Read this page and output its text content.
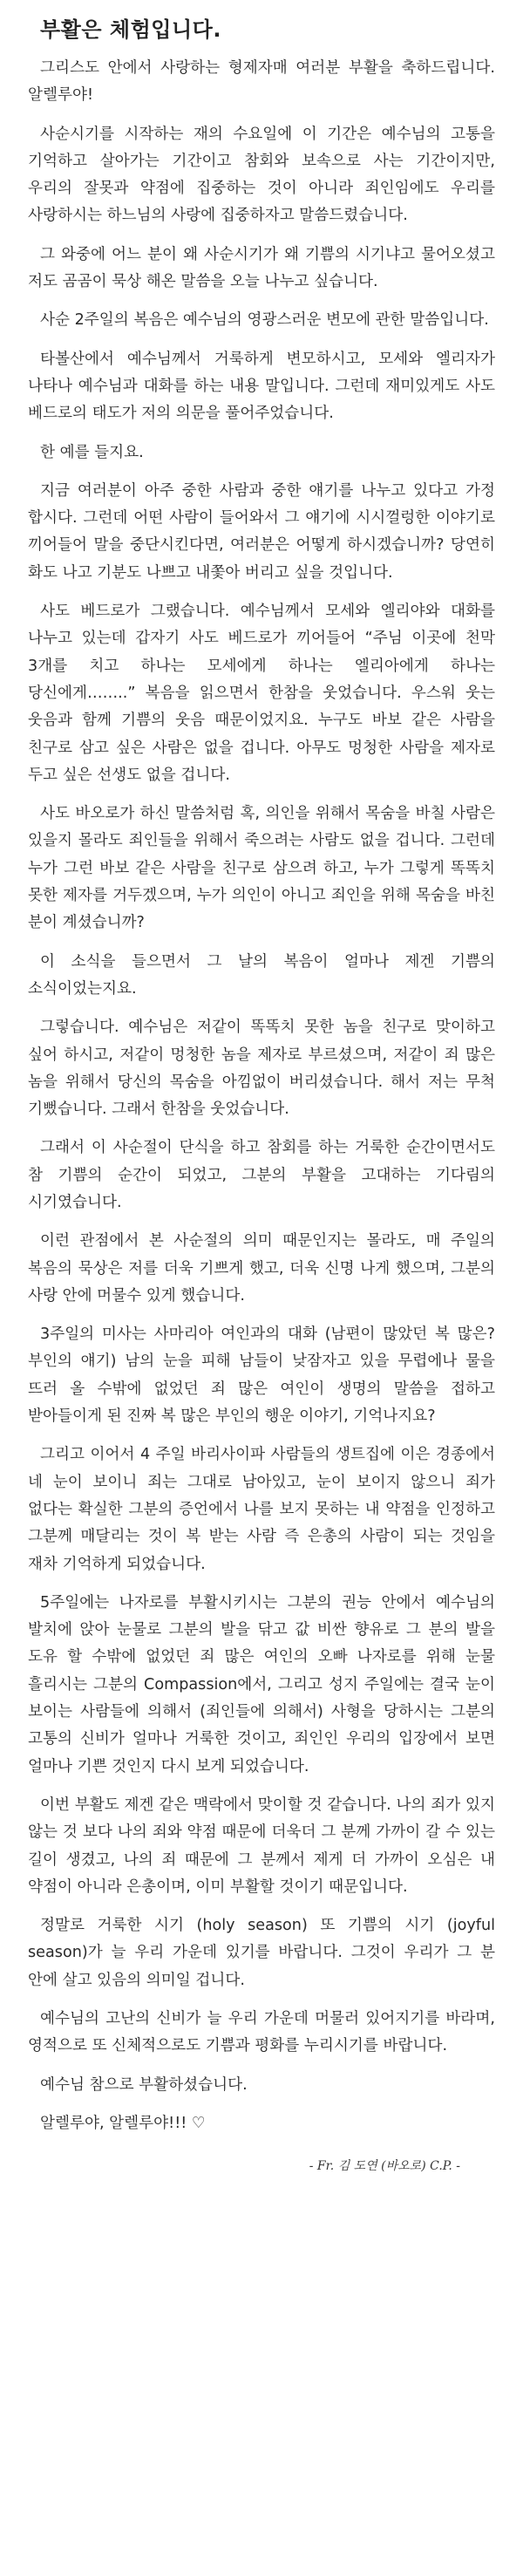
부활은 체험입니다.

그리스도 안에서 사랑하는 형제자매 여러분 부활을 축하드립니다. 알렐루야!

사순시기를 시작하는 재의 수요일에 이 기간은 예수님의 고통을 기억하고 살아가는 기간이고 참회와 보속으로 사는 기간이지만, 우리의 잘못과 약점에 집중하는 것이 아니라 죄인임에도 우리를 사랑하시는 하느님의 사랑에 집중하자고 말씀드렸습니다.

그 와중에 어느 분이 왜 사순시기가 왜 기쁨의 시기냐고 물어오셨고 저도 곰곰이 묵상 해온 말씀을 오늘 나누고 싶습니다.

사순 2주일의 복음은 예수님의 영광스러운 변모에 관한 말씀입니다.

타볼산에서 예수님께서 거룩하게 변모하시고, 모세와 엘리자가 나타나 예수님과 대화를 하는 내용 말입니다. 그런데 재미있게도 사도 베드로의 태도가 저의 의문을 풀어주었습니다.

한 예를 들지요.

지금 여러분이 아주 중한 사람과 중한 얘기를 나누고 있다고 가정 합시다. 그런데 어떤 사람이 들어와서 그 얘기에 시시껄렁한 이야기로 끼어들어 말을 중단시킨다면, 여러분은 어떻게 하시겠습니까? 당연히 화도 나고 기분도 나쁘고 내쫓아 버리고 싶을 것입니다.

사도 베드로가 그랬습니다. 예수님께서 모세와 엘리야와 대화를 나누고 있는데 갑자기 사도 베드로가 끼어들어 “주님 이곳에 천막 3개를 치고 하나는 모세에게 하나는 엘리아에게 하나는 당신에게……..” 복음을 읽으면서 한참을 웃었습니다. 우스워 웃는 웃음과 함께 기쁨의 웃음 때문이었지요. 누구도 바보 같은 사람을 친구로 삼고 싶은 사람은 없을 겁니다. 아무도 멍청한 사람을 제자로 두고 싶은 선생도 없을 겁니다.

사도 바오로가 하신 말씀처럼 혹, 의인을 위해서 목숨을 바칠 사람은 있을지 몰라도 죄인들을 위해서 죽으려는 사람도 없을 겁니다. 그런데 누가 그런 바보 같은 사람을 친구로 삼으려 하고, 누가 그렇게 똑똑치 못한 제자를 거두겠으며, 누가 의인이 아니고 죄인을 위해 목숨을 바친 분이 계셨습니까?

이 소식을 들으면서 그 날의 복음이 얼마나 제겐 기쁨의 소식이었는지요.

그렇습니다. 예수님은 저같이 똑똑치 못한 놈을 친구로 맞이하고 싶어 하시고, 저같이 멍청한 놈을 제자로 부르셨으며, 저같이 죄 많은 놈을 위해서 당신의 목숨을 아낌없이 버리셨습니다. 해서 저는 무척 기뻤습니다. 그래서 한참을 웃었습니다.

그래서 이 사순절이 단식을 하고 참회를 하는 거룩한 순간이면서도 참 기쁨의 순간이 되었고, 그분의 부활을 고대하는 기다림의 시기였습니다.

이런 관점에서 본 사순절의 의미 때문인지는 몰라도, 매 주일의 복음의 묵상은 저를 더욱 기쁘게 했고, 더욱 신명 나게 했으며, 그분의 사랑 안에 머물수 있게 했습니다.

3주일의 미사는 사마리아 여인과의 대화 (남편이 많았던 복 많은? 부인의 얘기) 남의 눈을 피해 남들이 낮잠자고 있을 무렵에나 물을 뜨러 올 수밖에 없었던 죄 많은 여인이 생명의 말씀을 접하고 받아들이게 된 진짜 복 많은 부인의 행운 이야기, 기억나지요?

그리고 이어서 4 주일 바리사이파 사람들의 생트집에 이은 경종에서 네 눈이 보이니 죄는 그대로 남아있고, 눈이 보이지 않으니 죄가 없다는 확실한 그분의 증언에서 나를 보지 못하는 내 약점을 인정하고 그분께 매달리는 것이 복 받는 사람 즉 은총의 사람이 되는 것임을 재차 기억하게 되었습니다.

5주일에는 나자로를 부활시키시는 그분의 권능 안에서 예수님의 발치에 앉아 눈물로 그분의 발을 닦고 값 비싼 향유로 그 분의 발을 도유 할 수밖에 없었던 죄 많은 여인의 오빠 나자로를 위해 눈물 흘리시는 그분의 Compassion에서, 그리고 성지 주일에는 결국 눈이 보이는 사람들에 의해서 (죄인들에 의해서) 사형을 당하시는 그분의 고통의 신비가 얼마나 거룩한 것이고, 죄인인 우리의 입장에서 보면 얼마나 기쁜 것인지 다시 보게 되었습니다.

이번 부활도 제겐 같은 맥락에서 맞이할 것 같습니다. 나의 죄가 있지 않는 것 보다 나의 죄와 약점 때문에 더욱더 그 분께 가까이 갈 수 있는 길이 생겼고, 나의 죄 때문에 그 분께서 제게 더 가까이 오심은 내 약점이 아니라 은총이며, 이미 부활할 것이기 때문입니다.

정말로 거룩한 시기 (holy season) 또 기쁨의 시기 (joyful season)가 늘 우리 가운데 있기를 바랍니다. 그것이 우리가 그 분 안에 살고 있음의 의미일 겁니다.

예수님의 고난의 신비가 늘 우리 가운데 머물러 있어지기를 바라며, 영적으로 또 신체적으로도 기쁨과 평화를 누리시기를 바랍니다.

예수님 참으로 부활하셨습니다.

알렐루야, 알렐루야!!! ♡

- Fr. 김 도연 (바오로) C.P. -
